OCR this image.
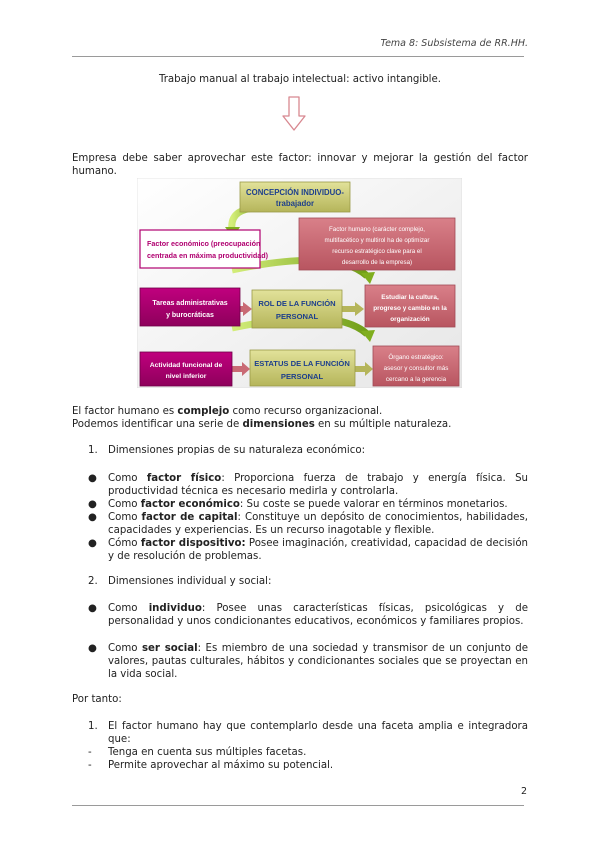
Tema 8: Subsistema de RR.HH.
Trabajo manual al trabajo intelectual: activo intangible.
Empresa debe saber aprovechar este factor: innovar y mejorar la gestión del factor humano.
CONCEPCIÓN INDIVIDUO-
trabajador
Factor económico (preocupación
centrada en máxima productividad)
Factor humano (carácter complejo,
multifacético y multirol ha de optimizar
recurso estratégico clave para el
desarrollo de la empresa)
Tareas administrativas
y burocráticas
ROL DE LA FUNCIÓN
PERSONAL
Estudiar la cultura,
progreso y cambio en la
organización
Actividad funcional de
nivel inferior
ESTATUS DE LA FUNCIÓN
PERSONAL
Órgano estratégico:
asesor y consultor más
cercano a la gerencia
El factor humano es complejo como recurso organizacional.
Podemos identificar una serie de dimensiones en su múltiple naturaleza.
1. Dimensiones propias de su naturaleza económico:
● Como factor físico: Proporciona fuerza de trabajo y energía física. Su productividad técnica es necesario medirla y controlarla.
● Como factor económico: Su coste se puede valorar en términos monetarios.
● Como factor de capital: Constituye un depósito de conocimientos, habilidades, capacidades y experiencias. Es un recurso inagotable y flexible.
● Cómo factor dispositivo: Posee imaginación, creatividad, capacidad de decisión y de resolución de problemas.
2. Dimensiones individual y social:
● Como individuo: Posee unas características físicas, psicológicas y de personalidad y unos condicionantes educativos, económicos y familiares propios.
● Como ser social: Es miembro de una sociedad y transmisor de un conjunto de valores, pautas culturales, hábitos y condicionantes sociales que se proyectan en la vida social.
Por tanto:
1. El factor humano hay que contemplarlo desde una faceta amplia e integradora que:
- Tenga en cuenta sus múltiples facetas.
- Permite aprovechar al máximo su potencial.
2
